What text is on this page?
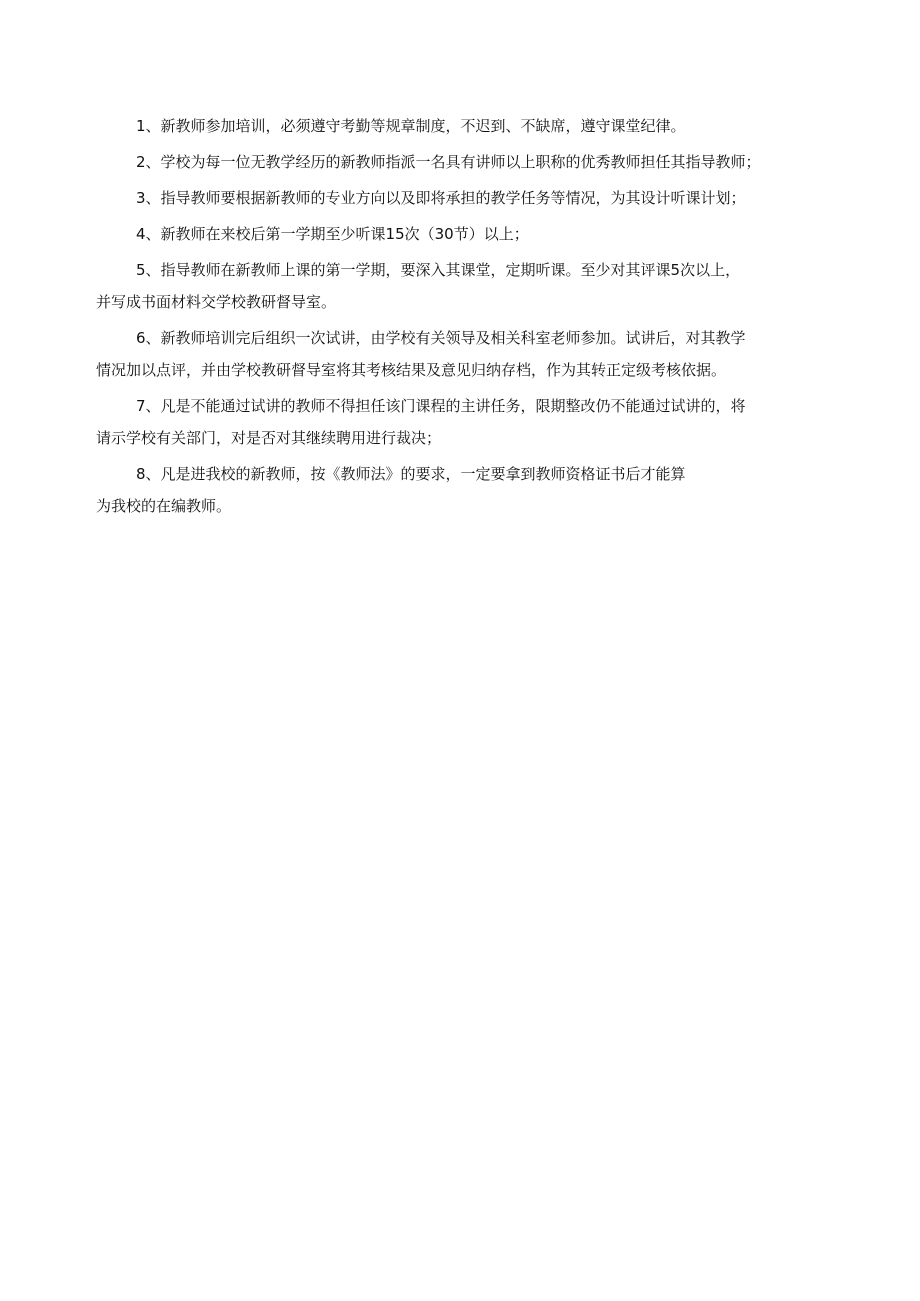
1、新教师参加培训，必须遵守考勤等规章制度，不迟到、不缺席，遵守课堂纪律。

2、学校为每一位无教学经历的新教师指派一名具有讲师以上职称的优秀教师担任其指导教师；

3、指导教师要根据新教师的专业方向以及即将承担的教学任务等情况，为其设计听课计划；

4、新教师在来校后第一学期至少听课15次（30节）以上；

5、指导教师在新教师上课的第一学期，要深入其课堂，定期听课。至少对其评课5次以上，
并写成书面材料交学校教研督导室。

6、新教师培训完后组织一次试讲，由学校有关领导及相关科室老师参加。试讲后，对其教学
情况加以点评，并由学校教研督导室将其考核结果及意见归纳存档，作为其转正定级考核依据。

7、凡是不能通过试讲的教师不得担任该门课程的主讲任务，限期整改仍不能通过试讲的，将
请示学校有关部门，对是否对其继续聘用进行裁决；

8、凡是进我校的新教师，按《教师法》的要求，一定要拿到教师资格证书后才能算
为我校的在编教师。
